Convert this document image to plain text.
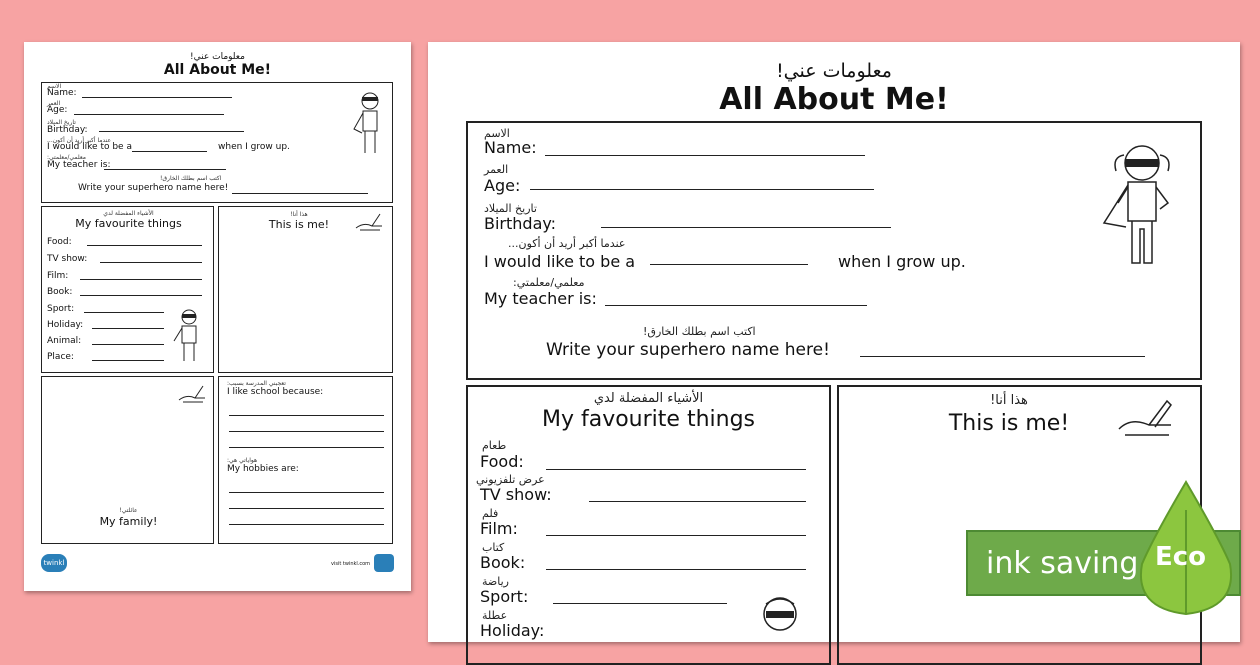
معلومات عني!
All About Me!
الاسم
Name:
العمر
Age:
تاريخ الميلاد
Birthday:
عندما أكبر أريد أن أكون...
I would like to be a	when I grow up.
معلمي/معلمتي:
My teacher is:
اكتب اسم بطلك الخارق!
Write your superhero name here!
الأشياء المفضلة لدي
My favourite things
Food:
TV show:
Film:
Book:
Sport:
Holiday:
Animal:
Place:
هذا أنا!
This is me!
عائلتي!
My family!
تعجبني المدرسة بسبب:
I like school because:
هواياتي هي:
My hobbies are:
twinkl	visit twinkl.com
معلومات عني!
All About Me!
الاسم
Name:
العمر
Age:
تاريخ الميلاد
Birthday:
عندما أكبر أريد أن أكون...
I would like to be a	when I grow up.
معلمي/معلمتي:
My teacher is:
اكتب اسم بطلك الخارق!
Write your superhero name here!
الأشياء المفضلة لدي
My favourite things
طعام
Food:
عرض تلفزيوني
TV show:
فلم
Film:
كتاب
Book:
رياضة
Sport:
عطلة
Holiday:
هذا أنا!
This is me!
ink saving Eco
